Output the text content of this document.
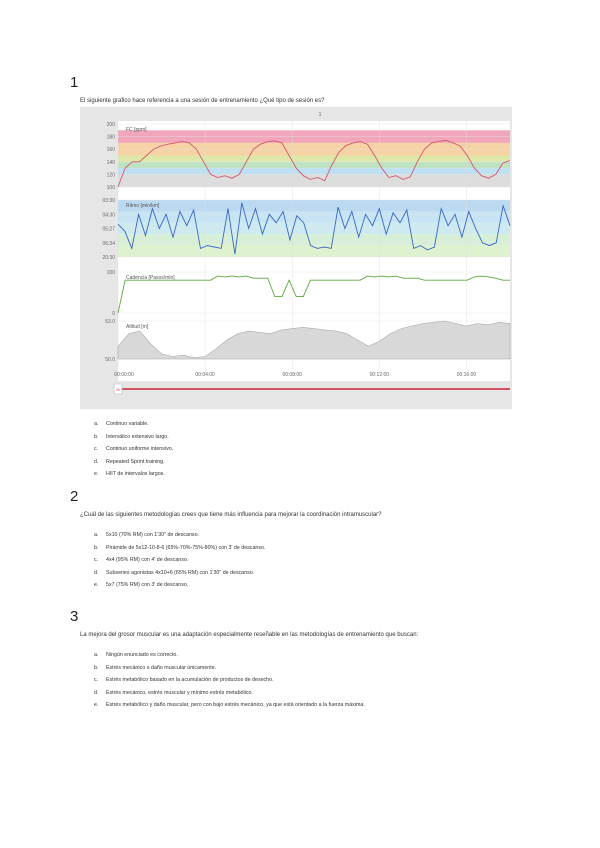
1
El siguiente grafico hace referencia a una sesión de entrenamiento ¿Qué tipo de sesión es?
1
200
180
160
140
120
100
03:30
04:30
05:27
06:34
20:30
100
0
53.0
50.0
00:00:00	00:04:00	00:08:00	00:12:00	00:16:00
FC [ppm]
Ritmo [min/km]
Cadencia [Pasos/min]
Altitud [m]
III
a.	Continuo variable.
b.	Interválico extensivo largo.
c.	Continuo uniforme intensivo.
d.	Repeated Sprint training.
e.	HIIT de intervalos largos.
2
¿Cuál de las siguientes metodologías crees que tiene más influencia para mejorar la coordinación intramuscular?
a.	5x10 (70% RM) con 1'30" de descanso.
b.	Pirámide de 5x12-10-8-6 (65%-70%-75%-80%) con 3' de descanso.
c.	4x4 (95% RM) con 4' de descanso.
d.	Subseries agonistas 4x10+6 (65% RM) con 1'30" de descanso.
e.	5x7 (75% RM) con 3' de descanso.
3
La mejora del grosor muscular es una adaptación especialmente reseñable en las metodologías de entrenamiento que buscan:
a.	Ningún enunciado es correcto.
b.	Estrés mecánico o daño muscular únicamente.
c.	Estrés metabólico basado en la acumulación de productos de desecho.
d.	Estrés mecánico, estrés muscular y mínimo estrés metabólico.
e.	Estrés metabólico y daño muscular, pero con bajo estrés mecánico, ya que está orientado a la fuerza máxima.
